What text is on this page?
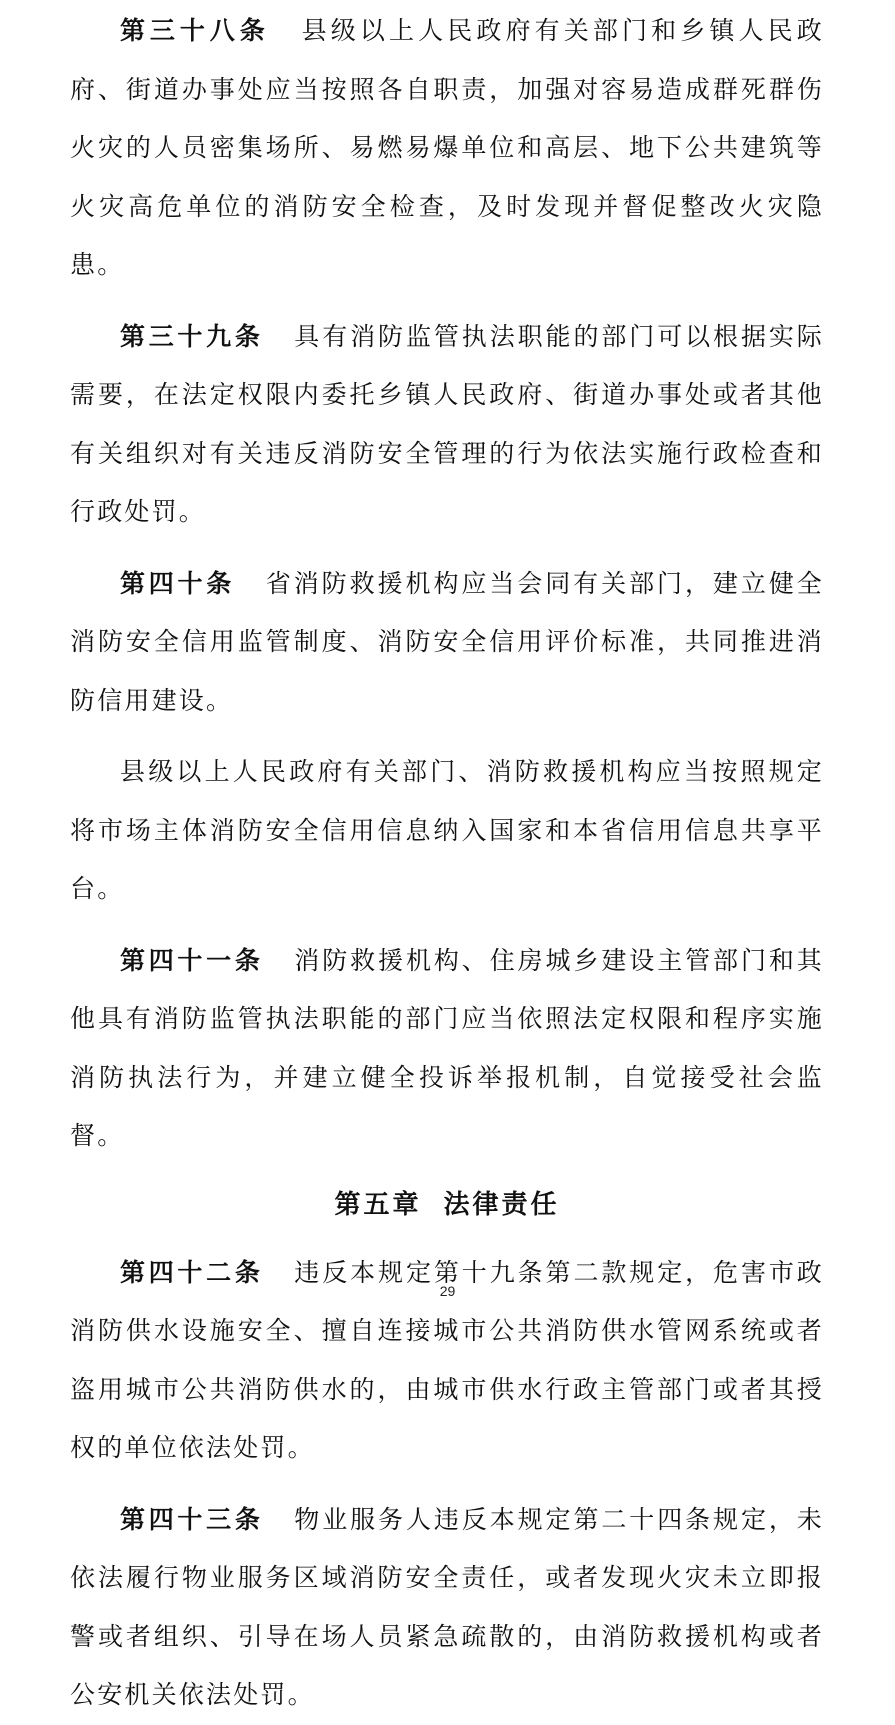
第三十八条 县级以上人民政府有关部门和乡镇人民政府、街道办事处应当按照各自职责，加强对容易造成群死群伤火灾的人员密集场所、易燃易爆单位和高层、地下公共建筑等火灾高危单位的消防安全检查，及时发现并督促整改火灾隐患。

第三十九条 具有消防监管执法职能的部门可以根据实际需要，在法定权限内委托乡镇人民政府、街道办事处或者其他有关组织对有关违反消防安全管理的行为依法实施行政检查和行政处罚。

第四十条 省消防救援机构应当会同有关部门，建立健全消防安全信用监管制度、消防安全信用评价标准，共同推进消防信用建设。

县级以上人民政府有关部门、消防救援机构应当按照规定将市场主体消防安全信用信息纳入国家和本省信用信息共享平台。

第四十一条 消防救援机构、住房城乡建设主管部门和其他具有消防监管执法职能的部门应当依照法定权限和程序实施消防执法行为，并建立健全投诉举报机制，自觉接受社会监督。

第五章 法律责任

第四十二条 违反本规定第十九条第二款规定，危害市政消防供水设施安全、擅自连接城市公共消防供水管网系统或者盗用城市公共消防供水的，由城市供水行政主管部门或者其授权的单位依法处罚。

第四十三条 物业服务人违反本规定第二十四条规定，未依法履行物业服务区域消防安全责任，或者发现火灾未立即报警或者组织、引导在场人员紧急疏散的，由消防救援机构或者公安机关依法处罚。

29
